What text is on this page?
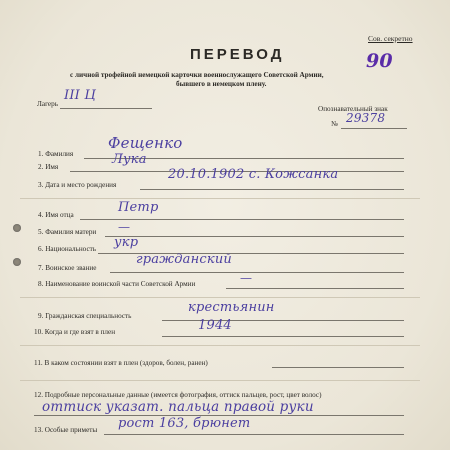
Сов. секретно
90
ПЕРЕВОД
с личной трофейной немецкой карточки военнослужащего Советской Армии,
бывшего в немецком плену.
Лагерь
III Ц
Опознавательный знак
№ 29378
1. Фамилия
Фещенко
2. Имя	Лука
3. Дата и место рождения
20.10.1902 с. Кожсанка
4. Имя отца	Петр
5. Фамилия матери —
6. Национальность укр
7. Воинское звание
гражданский
8. Наименование воинской части Советской Армии	—
9. Гражданская специальность
крестьянин
10. Когда и где взят в плен	1944
11. В каком состоянии взят в плен (здоров, болен, ранен)
12. Подробные персональные данные (имеется фотография, оттиск пальцев, рост, цвет волос)
оттиск указат. пальца правой руки
13. Особые приметы рост 163, брюнет
